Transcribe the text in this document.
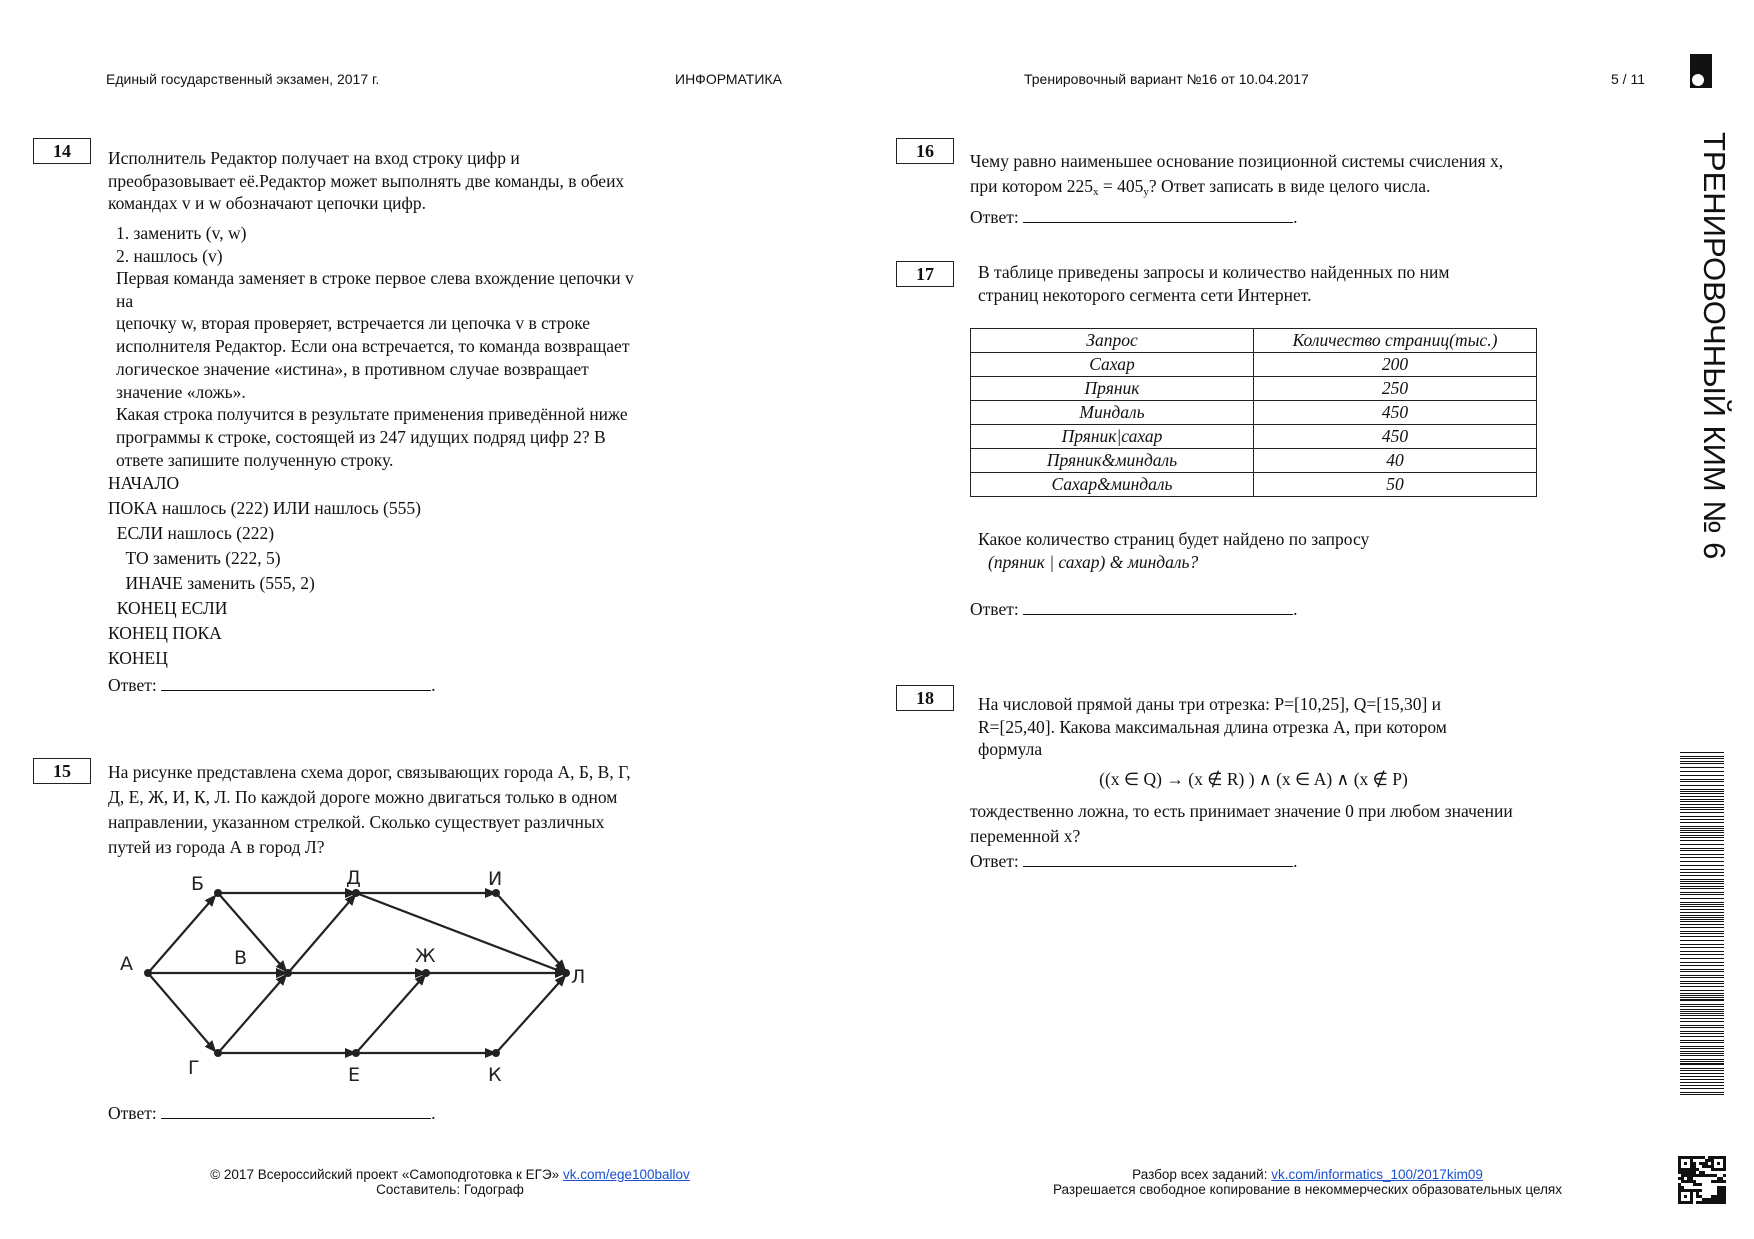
Единый государственный экзамен, 2017 г.	ИНФОРМАТИКА	Тренировочный вариант №16 от 10.04.2017	5 / 11
ТРЕНИРОВОЧНЫЙ КИМ № 6
14	Исполнитель Редактор получает на вход строку цифр и
преобразовывает её.Редактор может выполнять две команды, в обеих
командах v и w обозначают цепочки цифр.
1. заменить (v, w)
2. нашлось (v)
Первая команда заменяет в строке первое слева вхождение цепочки v
на
цепочку w, вторая проверяет, встречается ли цепочка v в строке
исполнителя Редактор. Если она встречается, то команда возвращает
логическое значение «истина», в противном случае возвращает
значение «ложь».
Какая строка получится в результате применения приведённой ниже
программы к строке, состоящей из 247 идущих подряд цифр 2? В
ответе запишите полученную строку.
НАЧАЛО
ПОКА нашлось (222) ИЛИ нашлось (555)
ЕСЛИ нашлось (222)
ТО заменить (222, 5)
ИНАЧЕ заменить (555, 2)
КОНЕЦ ЕСЛИ
КОНЕЦ ПОКА
КОНЕЦ
Ответ:	.
15	На рисунке представлена схема дорог, связывающих города А, Б, В, Г,
Д, Е, Ж, И, К, Л. По каждой дороге можно двигаться только в одном
направлении, указанном стрелкой. Сколько существует различных
путей из города А в город Л?
А
Б
В
Г
Д
Е
Ж
И
К
Л
Ответ:	.
16	Чему равно наименьшее основание позиционной системы счисления x,
при котором $225_x = 405_y$? Ответ записать в виде целого числа.
Ответ:	.
17	В таблице приведены запросы и количество найденных по ним
страниц некоторого сегмента сети Интернет.
Запрос	Количество страниц(тыс.)
Сахар	200
Пряник	250
Миндаль	450
Пряник|сахар	450
Пряник&миндаль	40
Сахар&миндаль	50
Какое количество страниц будет найдено по запросу
(пряник | сахар) & миндаль?
Ответ:	.
18	На числовой прямой даны три отрезка: P=[10,25], Q=[15,30] и
R=[25,40]. Какова максимальная длина отрезка A, при котором
формула
((x ∈ Q) → (x ∉ R) ) ∧ (x ∈ A) ∧ (x ∉ P)
тождественно ложна, то есть принимает значение 0 при любом значении
переменной x?
Ответ:	.
© 2017 Всероссийский проект «Самоподготовка к ЕГЭ» vk.com/ege100ballov
Составитель: Годограф
Разбор всех заданий: vk.com/informatics_100/2017kim09
Разрешается свободное копирование в некоммерческих образовательных целях
